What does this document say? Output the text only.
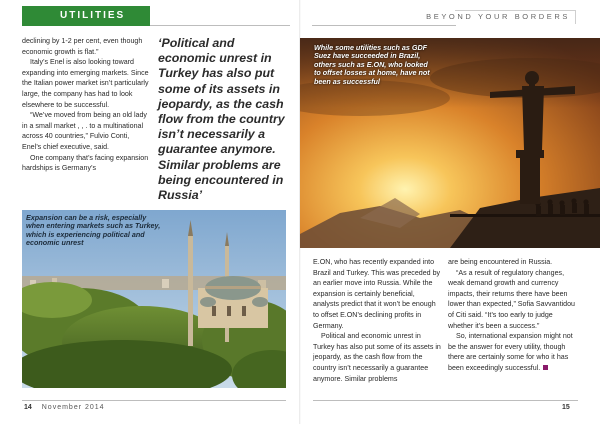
UTILITIES

declining by 1-2 per cent, even though economic growth is flat.”

Italy’s Enel is also looking toward expanding into emerging markets. Since the Italian power market isn’t particularly large, the company has had to look elsewhere to be successful.

“We’ve moved from being an old lady in a small market , , . to a multinational across 40 countries,” Fulvio Conti, Enel’s chief executive, said.

One company that’s facing expansion hardships is Germany’s

‘Political and economic unrest in Turkey has also put some of its assets in jeopardy, as the cash flow from the country isn’t necessarily a guarantee anymore. Similar problems are being encountered in Russia’
Expansion can be a risk, especially when entering markets such as Turkey, which is experiencing political and economic unrest
14 November 2014
BEYOND YOUR BORDERS
While some utilities such as GDF Suez have succeeded in Brazil, others such as E.ON, who looked to offset losses at home, have not been as successful

E.ON, who has recently expanded into Brazil and Turkey. This was preceded by an earlier move into Russia. While the expansion is certainly beneficial, analysts predict that it won’t be enough to offset E.ON’s declining profits in Germany.

Political and economic unrest in Turkey has also put some of its assets in jeopardy, as the cash flow from the country isn’t necessarily a guarantee anymore. Similar problems

are being encountered in Russia.

“As a result of regulatory changes, weak demand growth and currency impacts, their returns there have been lower than expected,” Sofia Savvantidou of Citi said. “It’s too early to judge whether it’s been a success.”

So, international expansion might not be the answer for every utility, though there are certainly some for who it has been exceedingly successful.

15
